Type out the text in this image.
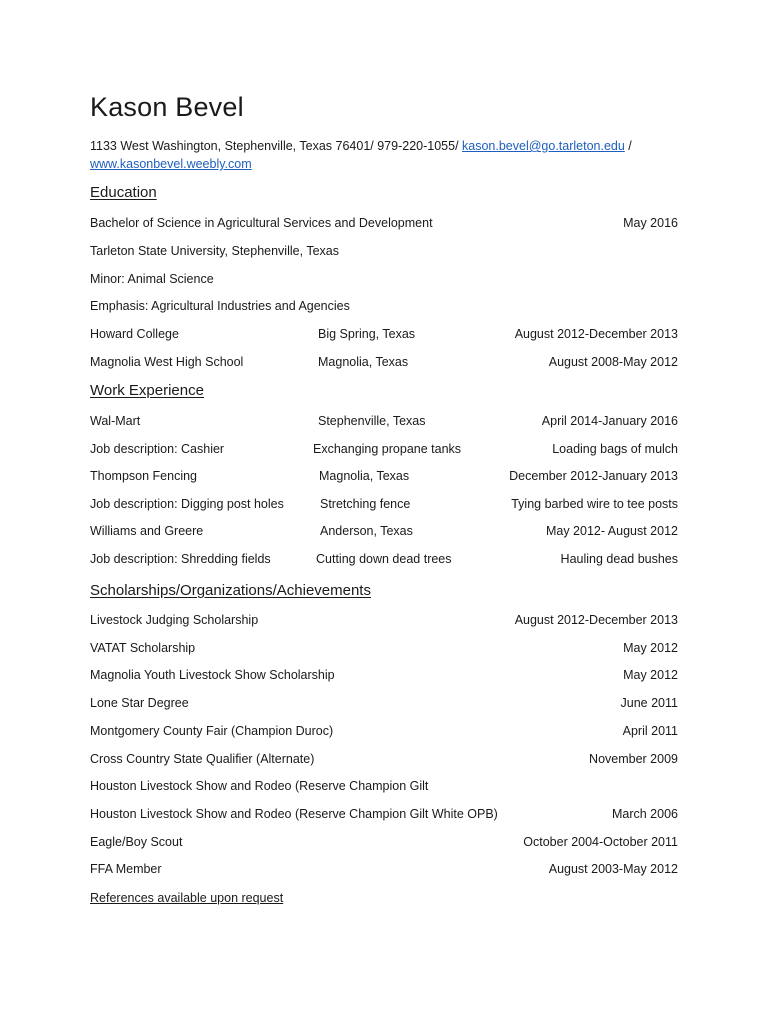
Kason Bevel
1133 West Washington, Stephenville, Texas 76401/ 979-220-1055/ kason.bevel@go.tarleton.edu /
www.kasonbevel.weebly.com
Education
Bachelor of Science in Agricultural Services and Development	May 2016
Tarleton State University, Stephenville, Texas
Minor: Animal Science
Emphasis: Agricultural Industries and Agencies
Howard College	Big Spring, Texas	August 2012-December 2013
Magnolia West High School	Magnolia, Texas	August 2008-May 2012
Work Experience
Wal-Mart	Stephenville, Texas	April 2014-January 2016
Job description: Cashier	Exchanging propane tanks	Loading bags of mulch
Thompson Fencing	Magnolia, Texas	December 2012-January 2013
Job description: Digging post holes	Stretching fence	Tying barbed wire to tee posts
Williams and Greere	Anderson, Texas	May 2012- August 2012
Job description: Shredding fields	Cutting down dead trees	Hauling dead bushes
Scholarships/Organizations/Achievements
Livestock Judging Scholarship	August 2012-December 2013
VATAT Scholarship	May 2012
Magnolia Youth Livestock Show Scholarship	May 2012
Lone Star Degree	June 2011
Montgomery County Fair (Champion Duroc)	April 2011
Cross Country State Qualifier (Alternate)	November 2009
Houston Livestock Show and Rodeo (Reserve Champion Gilt
Houston Livestock Show and Rodeo (Reserve Champion Gilt White OPB)	March 2006
Eagle/Boy Scout	October 2004-October 2011
FFA Member	August 2003-May 2012
References available upon request
